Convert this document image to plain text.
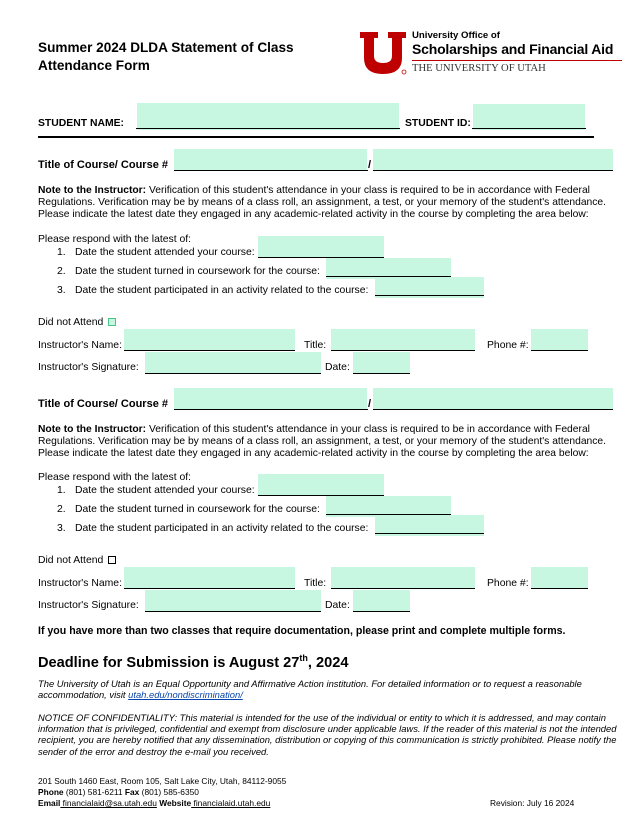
Summer 2024 DLDA Statement of Class
Attendance Form
University Office of
Scholarships and Financial Aid
THE UNIVERSITY OF UTAH
STUDENT NAME:	STUDENT ID:
Title of Course/ Course #	/
Note to the Instructor: Verification of this student's attendance in your class is required to be in accordance with Federal Regulations. Verification may be by means of a class roll, an assignment, a test, or your memory of the student's attendance. Please indicate the latest date they engaged in any academic-related activity in the course by completing the area below:
Please respond with the latest of:
1. Date the student attended your course:
2. Date the student turned in coursework for the course:
3. Date the student participated in an activity related to the course:
Did not Attend
Instructor's Name:	Title:	Phone #:
Instructor's Signature:	Date:
Title of Course/ Course #	/
Note to the Instructor: Verification of this student's attendance in your class is required to be in accordance with Federal Regulations. Verification may be by means of a class roll, an assignment, a test, or your memory of the student's attendance. Please indicate the latest date they engaged in any academic-related activity in the course by completing the area below:
Please respond with the latest of:
1. Date the student attended your course:
2. Date the student turned in coursework for the course:
3. Date the student participated in an activity related to the course:
Did not Attend
Instructor's Name:	Title:	Phone #:
Instructor's Signature:	Date:
If you have more than two classes that require documentation, please print and complete multiple forms.
Deadline for Submission is August 27th, 2024
The University of Utah is an Equal Opportunity and Affirmative Action institution. For detailed information or to request a reasonable accommodation, visit utah.edu/nondiscrimination/
NOTICE OF CONFIDENTIALITY: This material is intended for the use of the individual or entity to which it is addressed, and may contain information that is privileged, confidential and exempt from disclosure under applicable laws. If the reader of this material is not the intended recipient, you are hereby notified that any dissemination, distribution or copying of this communication is strictly prohibited. Please notify the sender of the error and destroy the e-mail you received.
201 South 1460 East, Room 105, Salt Lake City, Utah, 84112-9055
Phone (801) 581-6211 Fax (801) 585-6350
Email financialaid@sa.utah.edu Website financialaid.utah.edu	Revision: July 16 2024
